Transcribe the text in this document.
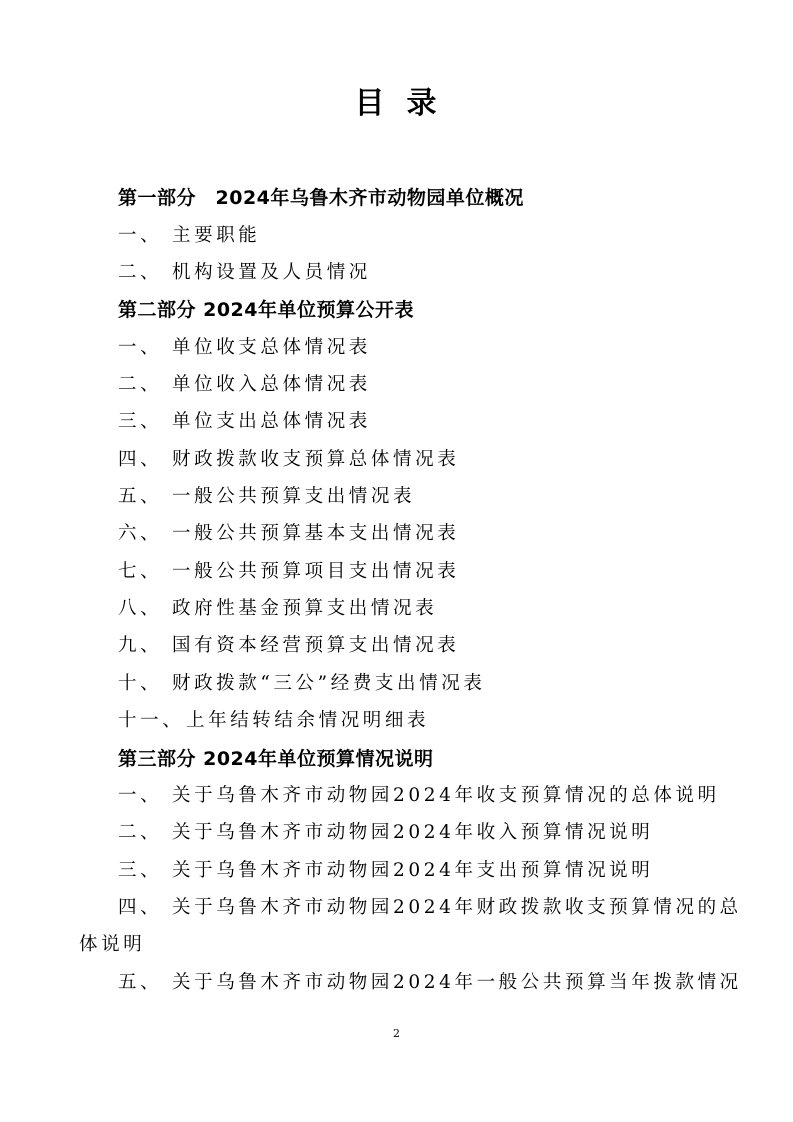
目录
第一部分　2024年乌鲁木齐市动物园单位概况
一、 主要职能
二、 机构设置及人员情况
第二部分 2024年单位预算公开表
一、 单位收支总体情况表
二、 单位收入总体情况表
三、 单位支出总体情况表
四、 财政拨款收支预算总体情况表
五、 一般公共预算支出情况表
六、 一般公共预算基本支出情况表
七、 一般公共预算项目支出情况表
八、 政府性基金预算支出情况表
九、 国有资本经营预算支出情况表
十、 财政拨款“三公”经费支出情况表
十一、上年结转结余情况明细表
第三部分 2024年单位预算情况说明
一、 关于乌鲁木齐市动物园2024年收支预算情况的总体说明
二、 关于乌鲁木齐市动物园2024年收入预算情况说明
三、 关于乌鲁木齐市动物园2024年支出预算情况说明
四、 关于乌鲁木齐市动物园2024年财政拨款收支预算情况的总
体说明
五、 关于乌鲁木齐市动物园2024年一般公共预算当年拨款情况
2
